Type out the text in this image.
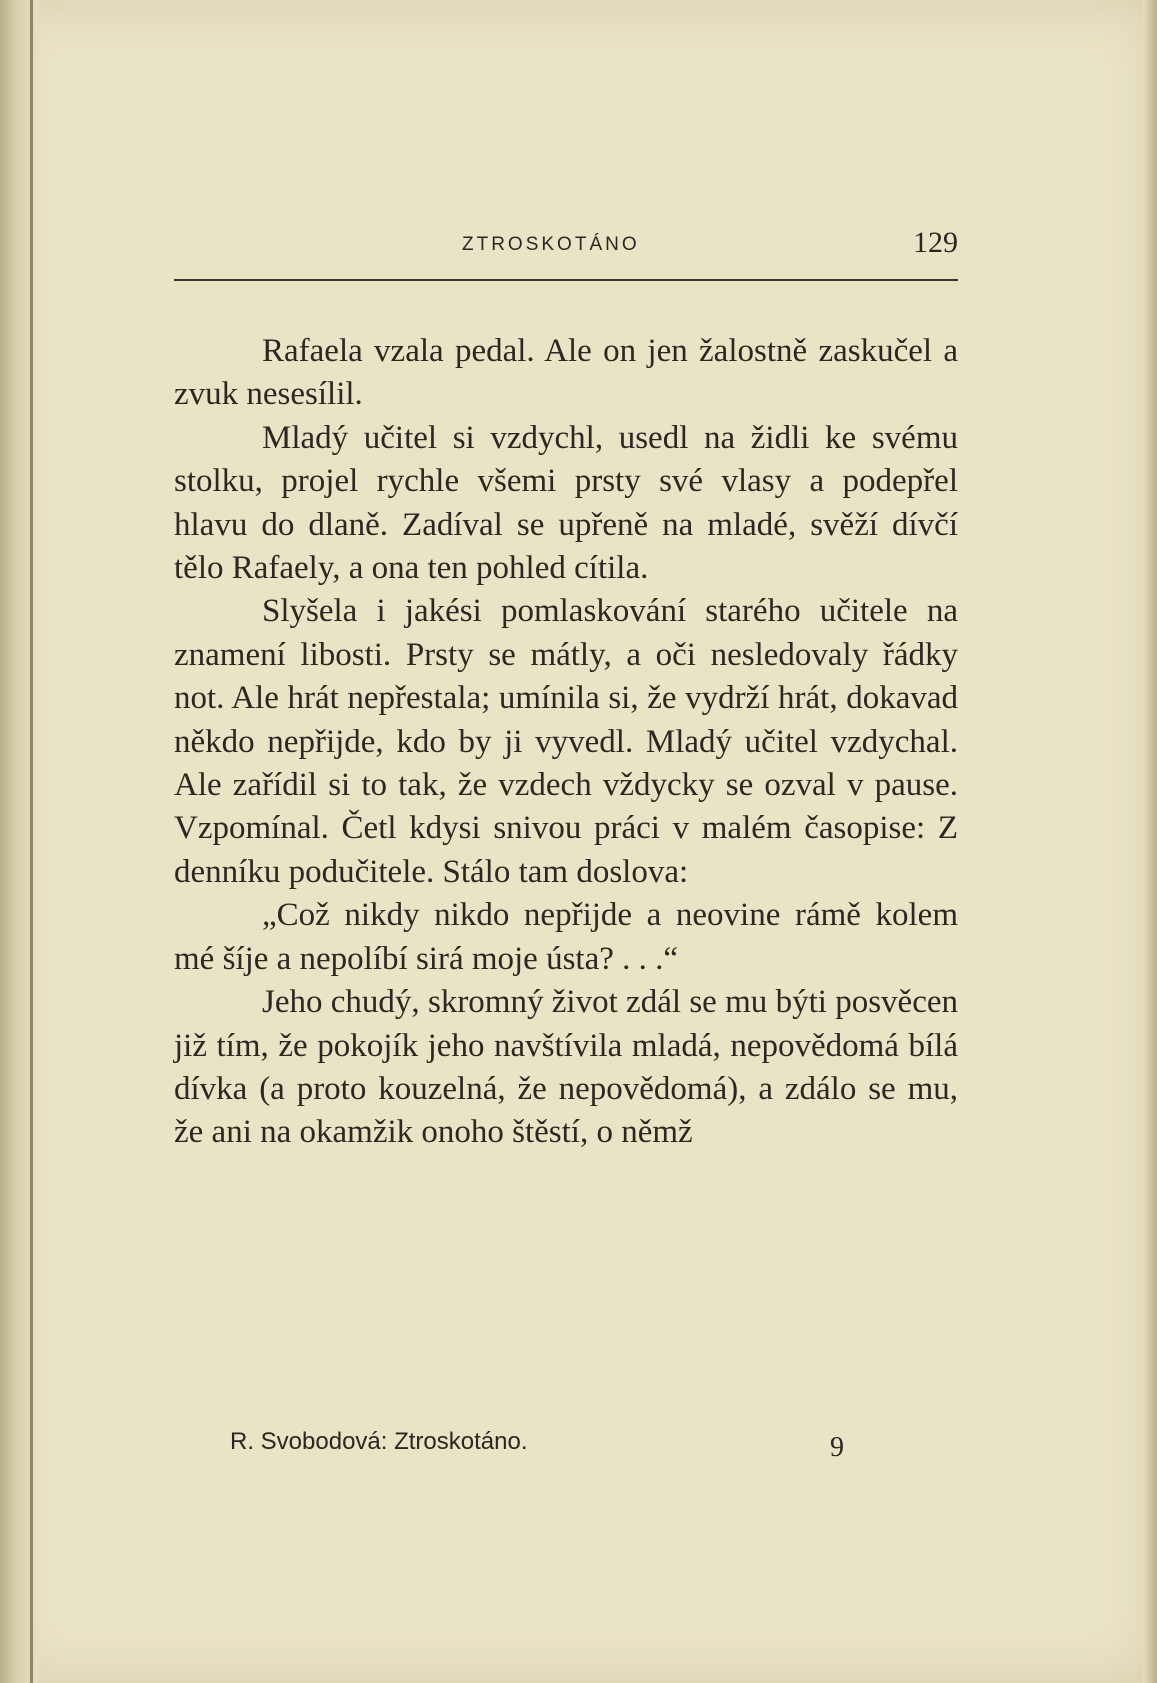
ZTROSKOTÁNO	129

Rafaela vzala pedal. Ale on jen žalostně zaskučel a zvuk nesesílil.

Mladý učitel si vzdychl, usedl na židli ke svému stolku, projel rychle všemi prsty své vlasy a podepřel hlavu do dlaně. Zadíval se upřeně na mladé, svěží dívčí tělo Rafaely, a ona ten pohled cítila.

Slyšela i jakési pomlaskování starého učitele na znamení libosti. Prsty se mátly, a oči nesledovaly řádky not. Ale hrát nepřestala; umínila si, že vydrží hrát, dokavad někdo nepřijde, kdo by ji vyvedl. Mladý učitel vzdychal. Ale zařídil si to tak, že vzdech vždycky se ozval v pause. Vzpomínal. Četl kdysi snivou práci v malém časopise: Z denníku podučitele. Stálo tam doslova:

„Což nikdy nikdo nepřijde a neovine rámě kolem mé šíje a nepolíbí sirá moje ústa? . . .“

Jeho chudý, skromný život zdál se mu býti posvěcen již tím, že pokojík jeho navštívila mladá, nepovědomá bílá dívka (a proto kouzelná, že nepovědomá), a zdálo se mu, že ani na okamžik onoho štěstí, o němž

R. Svobodová: Ztroskotáno.	9
